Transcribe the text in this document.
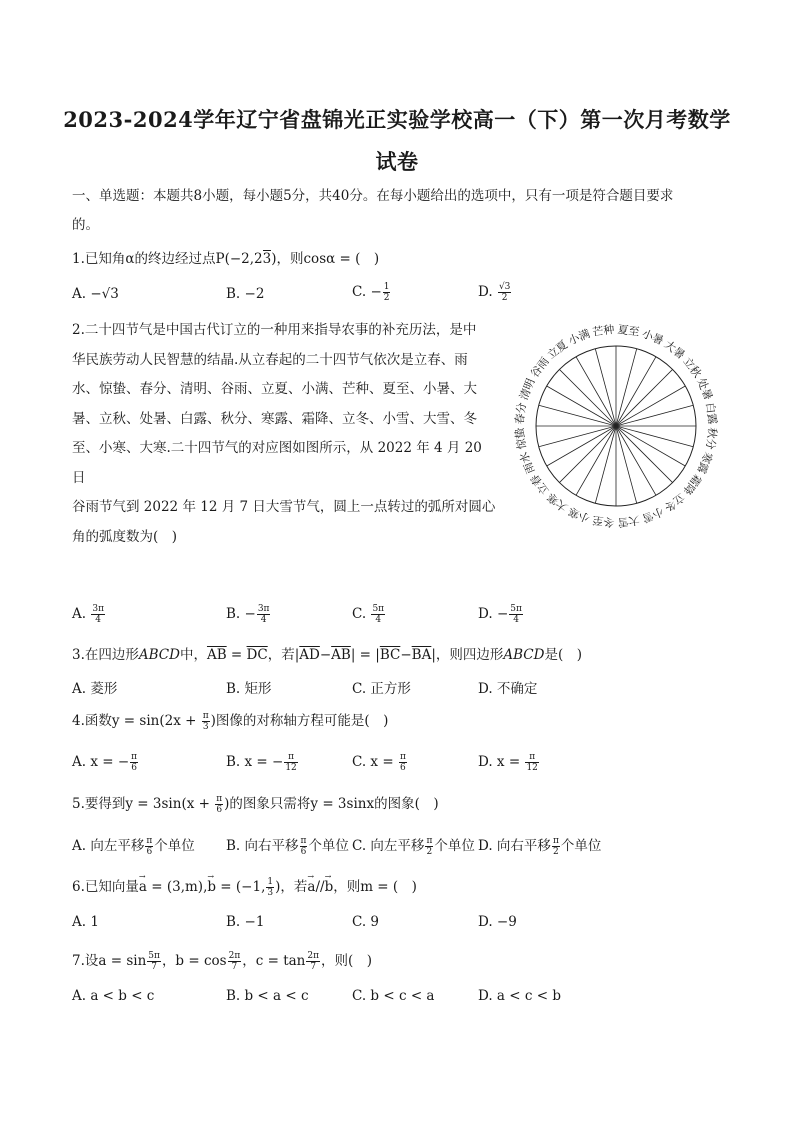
2023-2024学年辽宁省盘锦光正实验学校高一（下）第一次月考数学
试卷
一、单选题：本题共8小题，每小题5分，共40分。在每小题给出的选项中，只有一项是符合题目要求
的。
1.已知角α的终边经过点P(−2,23)，则cosα = (　)
A. −√3	B. −2	C. − $\frac{1}{2}$	D. $\frac{√3}{2}$
2.二十四节气是中国古代订立的一种用来指导农事的补充历法，是中
华民族劳动人民智慧的结晶.从立春起的二十四节气依次是立春、雨
水、惊蛰、春分、清明、谷雨、立夏、小满、芒种、夏至、小暑、大
暑、立秋、处暑、白露、秋分、寒露、霜降、立冬、小雪、大雪、冬
至、小寒、大寒.二十四节气的对应图如图所示，从 2022 年 4 月 20 日
谷雨节气到 2022 年 12 月 7 日大雪节气，圆上一点转过的弧所对圆心
角的弧度数为(　)
秋分
寒露
霜降
立冬
小雪
大雪
冬至
小寒
大寒
立春
雨水
惊蛰
春分
清明
谷雨
立夏
小满 芒种 夏至 小暑
大暑
立秋
处暑
白露
A. $\frac{3\pi}{4}$	B. − $\frac{3\pi}{4}$	C. $\frac{5\pi}{4}$	D. − $\frac{5\pi}{4}$
3.在四边形ABCD中，$\overline{AB} = \overline{DC}$，若$|\overline{AD}-\overline{AB}| = |\overline{BC}-\overline{BA}|$，则四边形ABCD是(　)
A. 菱形	B. 矩形	C. 正方形	D. 不确定
4.函数$y = \sin(2x + \frac{\pi}{3}$ )图像的对称轴方程可能是(　)
A. x = − $\frac{\pi}{6}$	B. x = − $\frac{\pi}{12}$	C. $x = \frac{\pi}{6}$	D. $x = \frac{\pi}{12}$
5.要得到$y = 3\sin(x + \frac{\pi}{6}$ )的图象只需将y = 3sinx的图象(　)
A. 向左平移 $\frac{\pi}{6}$ 个单位 B. 向右平移 $\frac{\pi}{6}$ 个单位 C. 向左平移 $\frac{\pi}{2}$ 个单位 D. 向右平移 $\frac{\pi}{2}$ 个单位
6.已知向量→ a = (3,m),→ b = (−1, $\frac{1}{3}$ )，若→ a//→ b，则m = (　)
A. 1	B. −1	C. 9	D. −9
7.设$a = \sin \frac{5\pi}{7}$ ，$b = \cos \frac{2\pi}{7}$ ，$c = \tan \frac{2\pi}{7}$ ，则(　)
A. a < b < c	B. b < a < c	C. b < c < a	D. a < c < b
